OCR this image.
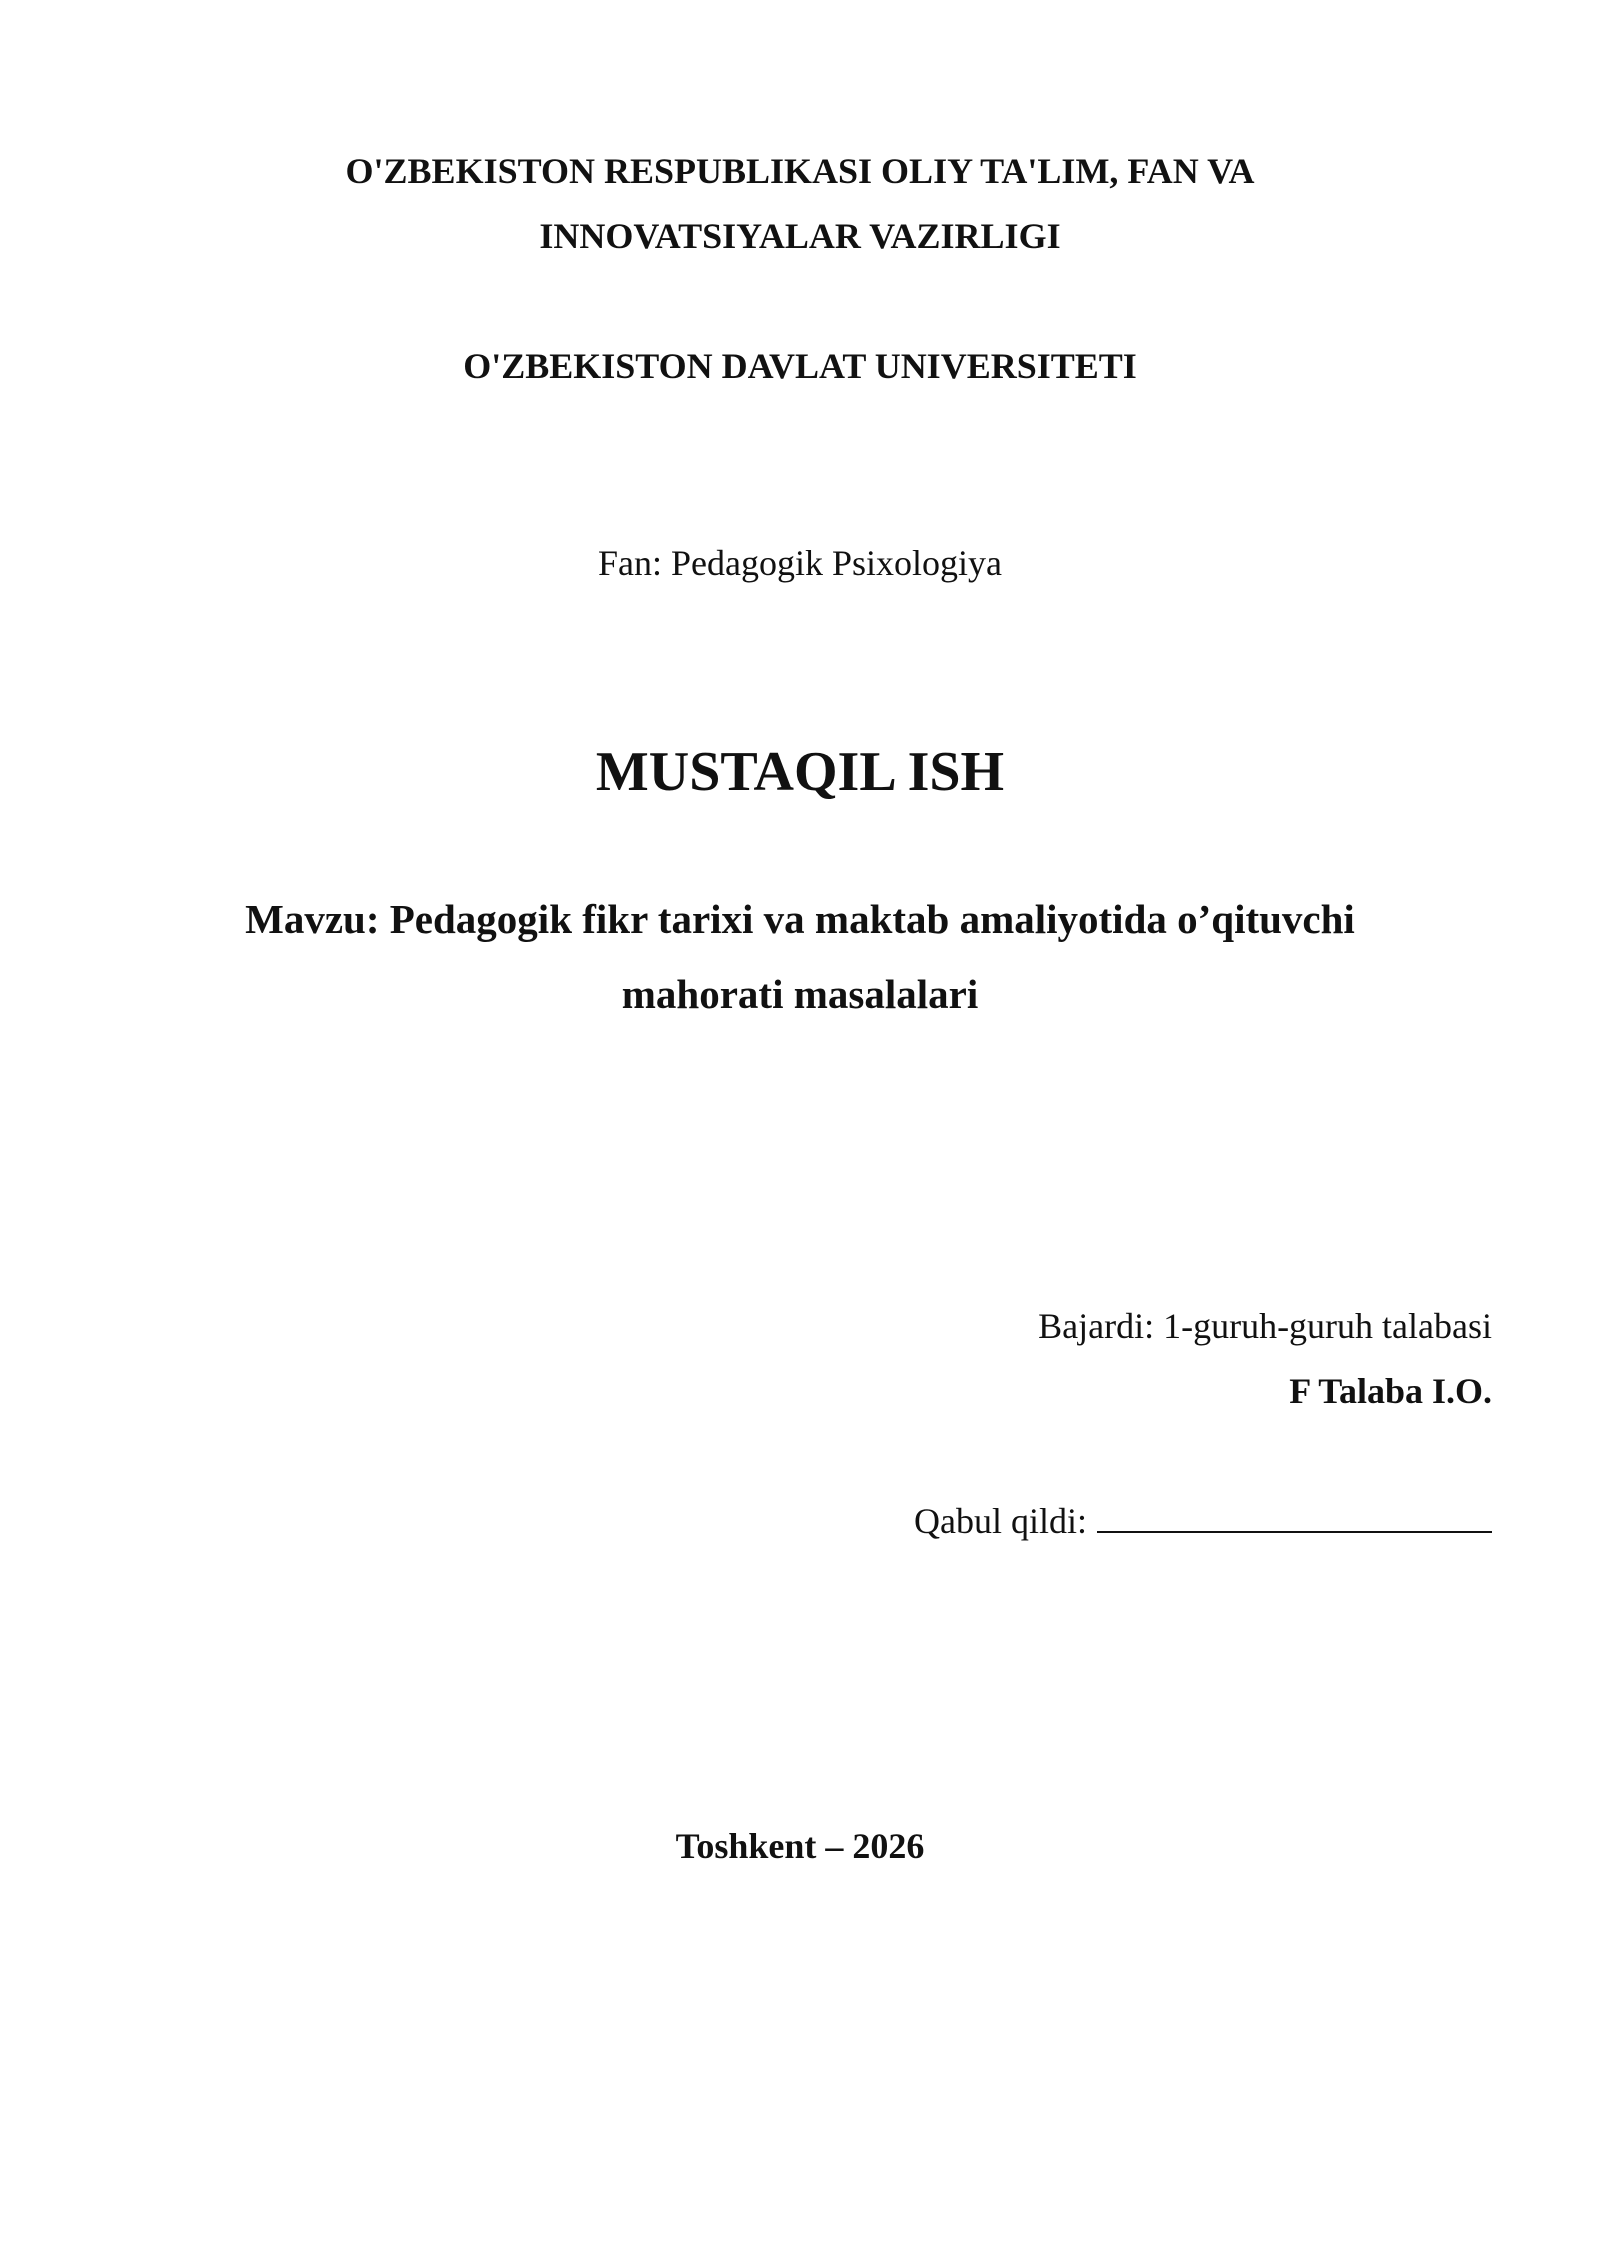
O'ZBEKISTON RESPUBLIKASI OLIY TA'LIM, FAN VA
INNOVATSIYALAR VAZIRLIGI
O'ZBEKISTON DAVLAT UNIVERSITETI
Fan: Pedagogik Psixologiya
MUSTAQIL ISH
Mavzu: Pedagogik fikr tarixi va maktab amaliyotida o’qituvchi
mahorati masalalari
Bajardi: 1-guruh-guruh talabasi
F Talaba I.O.
Qabul qildi:
Toshkent – 2026
